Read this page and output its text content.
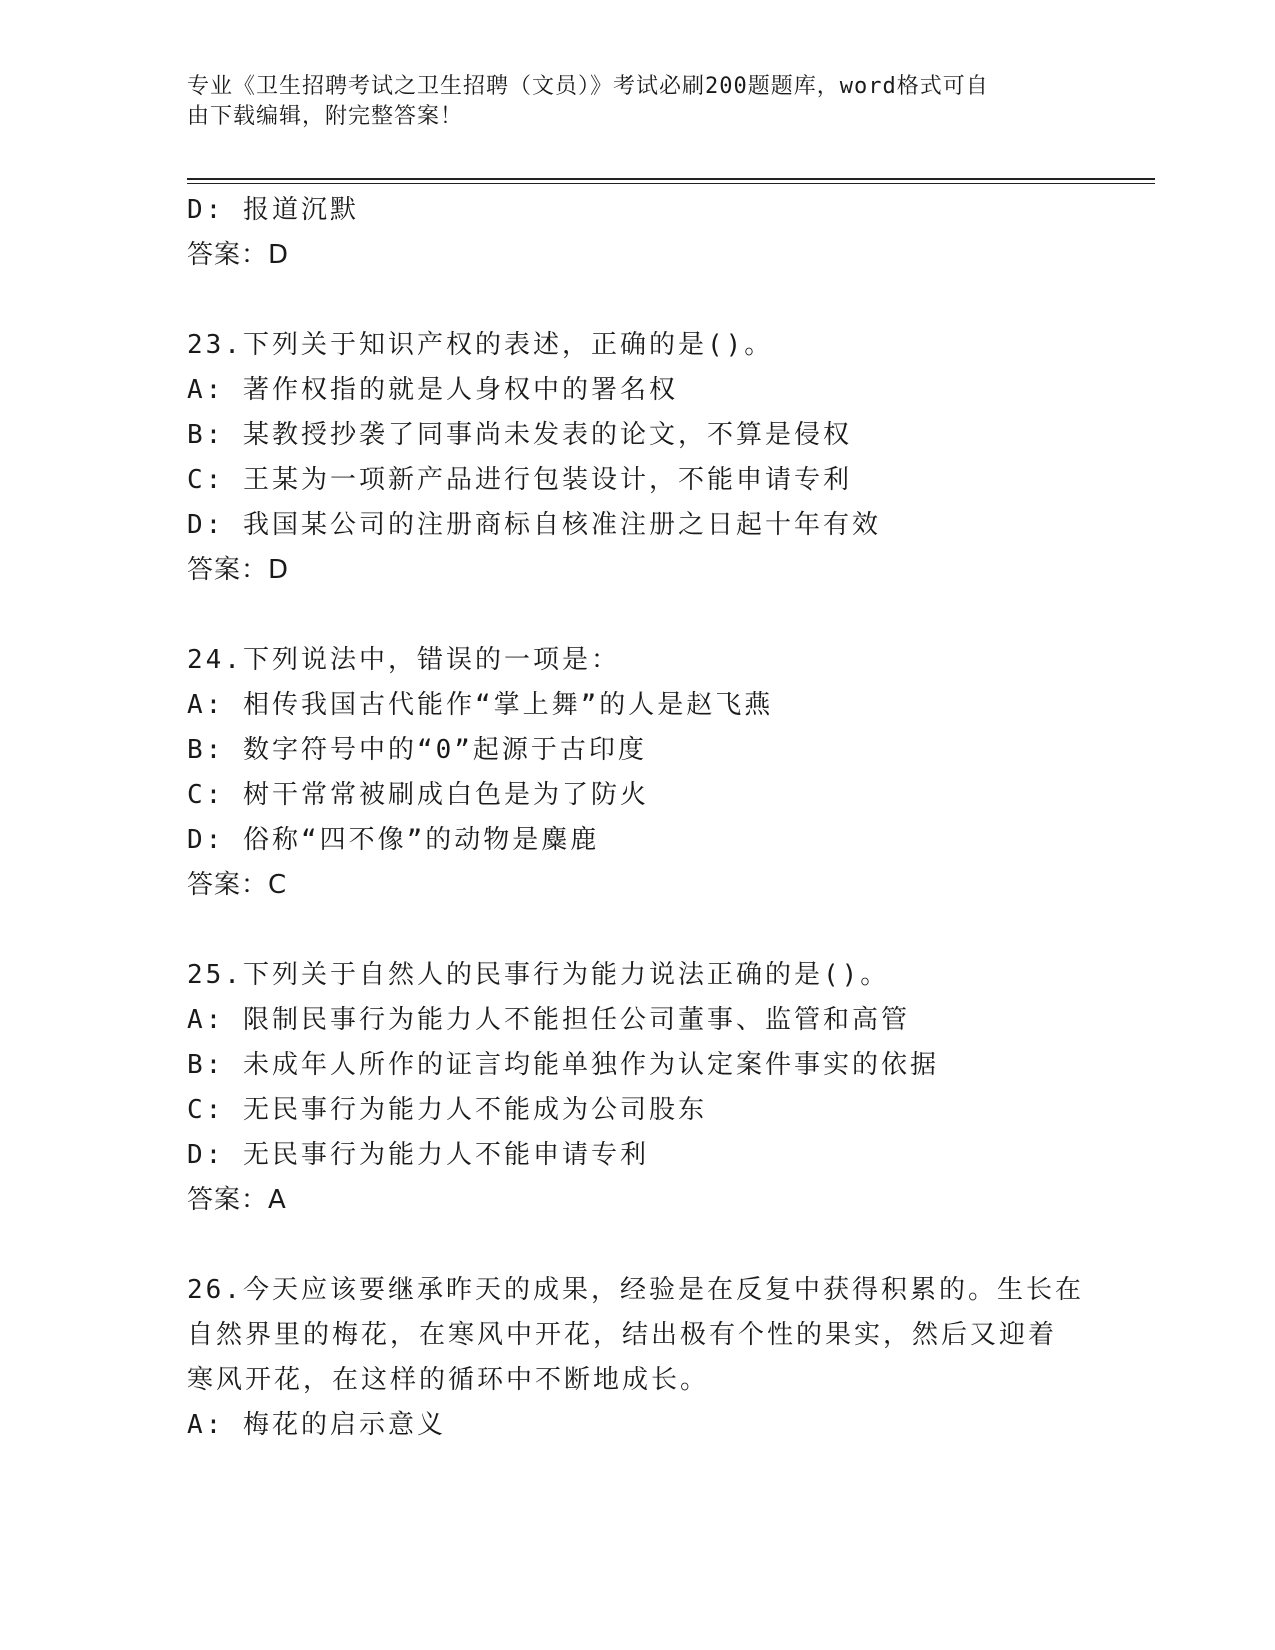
专业《卫生招聘考试之卫生招聘（文员）》考试必刷200题题库，word格式可自
由下载编辑，附完整答案！
D: 报道沉默
答案：D
23.下列关于知识产权的表述，正确的是()。
A: 著作权指的就是人身权中的署名权
B: 某教授抄袭了同事尚未发表的论文，不算是侵权
C: 王某为一项新产品进行包装设计，不能申请专利
D: 我国某公司的注册商标自核准注册之日起十年有效
答案：D
24.下列说法中，错误的一项是：
A: 相传我国古代能作“掌上舞”的人是赵飞燕
B: 数字符号中的“0”起源于古印度
C: 树干常常被刷成白色是为了防火
D: 俗称“四不像”的动物是麋鹿
答案：C
25.下列关于自然人的民事行为能力说法正确的是()。
A: 限制民事行为能力人不能担任公司董事、监管和高管
B: 未成年人所作的证言均能单独作为认定案件事实的依据
C: 无民事行为能力人不能成为公司股东
D: 无民事行为能力人不能申请专利
答案：A
26.今天应该要继承昨天的成果，经验是在反复中获得积累的。生长在
自然界里的梅花，在寒风中开花，结出极有个性的果实，然后又迎着
寒风开花，在这样的循环中不断地成长。
A: 梅花的启示意义
